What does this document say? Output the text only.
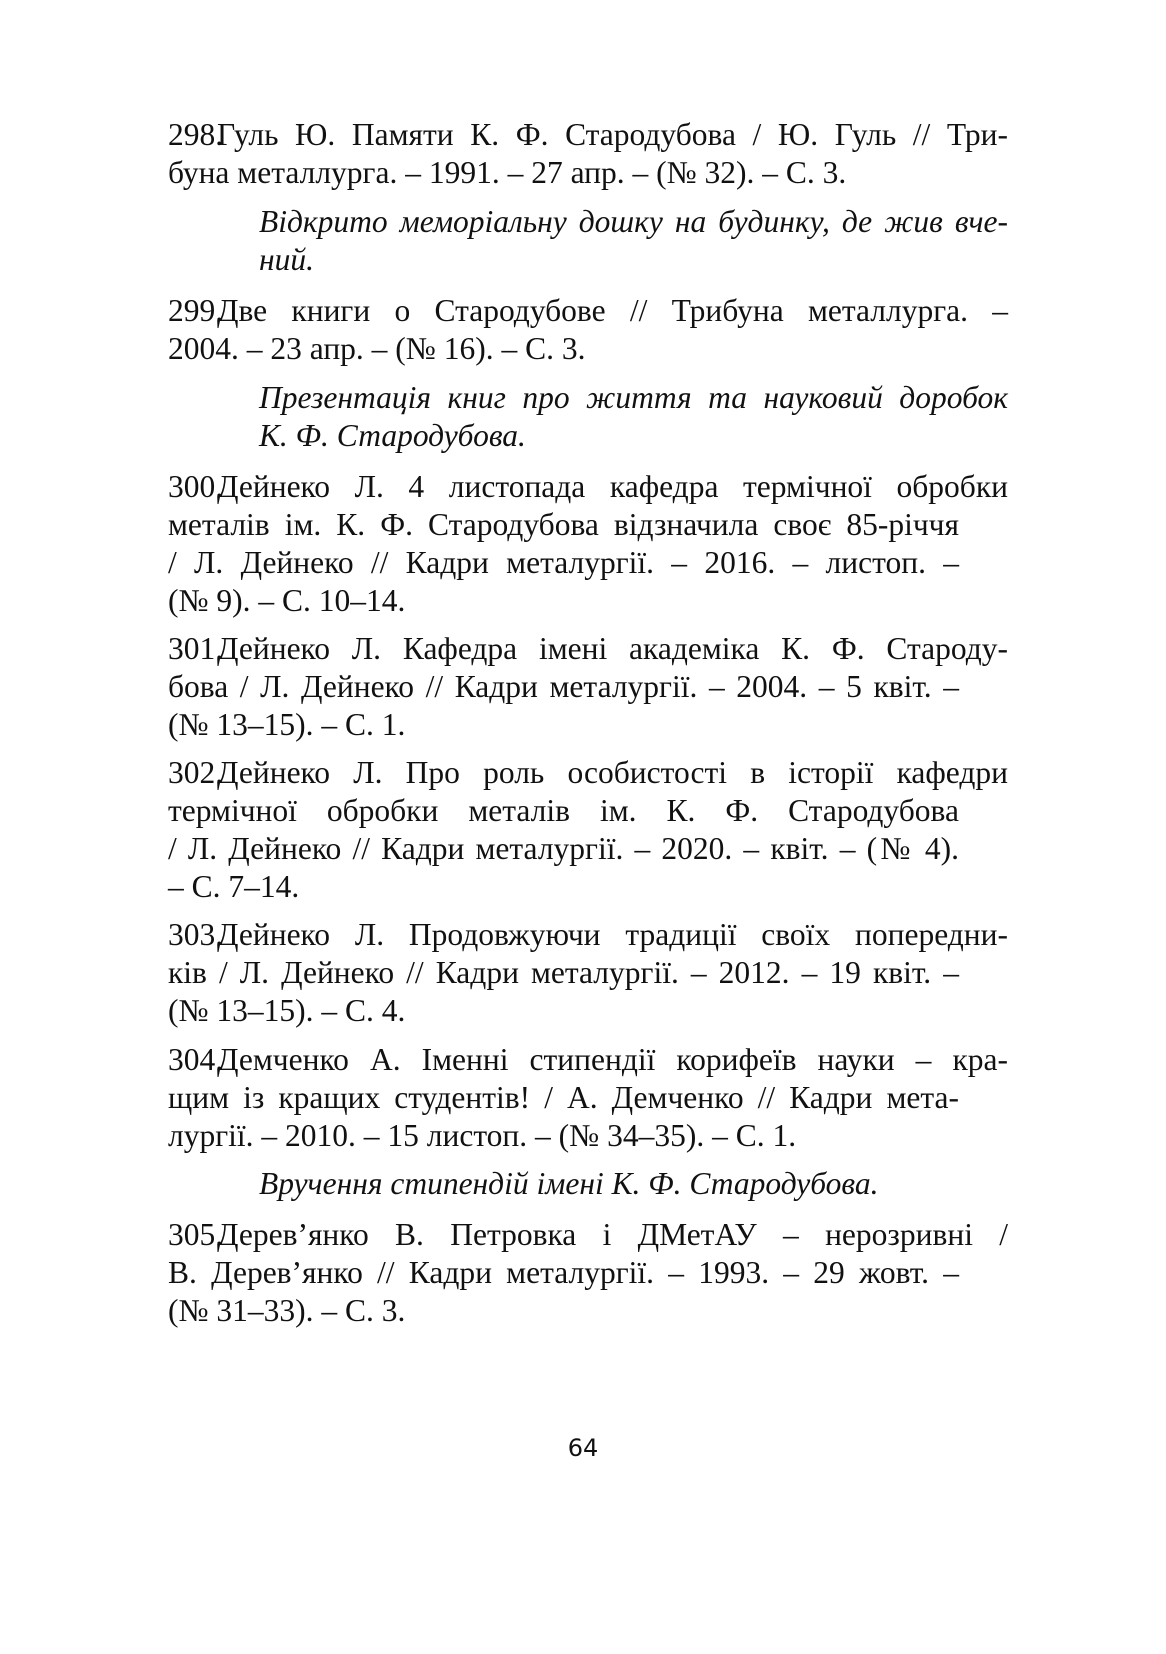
298.
Гуль Ю. Памяти К. Ф. Стародубова / Ю. Гуль // Три-
буна металлурга. – 1991. – 27 апр. – (№ 32). – С. 3.
Відкрито меморіальну дошку на будинку, де жив вче-
ний.
299.
Две книги о Стародубове // Трибуна металлурга. –
2004. – 23 апр. – (№ 16). – С. 3.
Презентація книг про життя та науковий доробок
К. Ф. Стародубова.
300.
Дейнеко Л. 4 листопада кафедра термічної обробки
металів ім. К. Ф. Стародубова відзначила своє 85-річчя
/ Л. Дейнеко // Кадри металургії. – 2016. – листоп. –
(№ 9). – С. 10–14.
301.
Дейнеко Л. Кафедра імені академіка К. Ф. Староду-
бова / Л. Дейнеко // Кадри металургії. – 2004. – 5 квіт. –
(№ 13–15). – С. 1.
302.
Дейнеко Л. Про роль особистості в історії кафедри
термічної обробки металів ім. К. Ф. Стародубова
/ Л. Дейнеко // Кадри металургії. – 2020. – квіт. – (№ 4).
– С. 7–14.
303.
Дейнеко Л. Продовжуючи традиції своїх попередни-
ків / Л. Дейнеко // Кадри металургії. – 2012. – 19 квіт. –
(№ 13–15). – С. 4.
304.
Демченко А. Іменні стипендії корифеїв науки – кра-
щим із кращих студентів! / А. Демченко // Кадри мета-
лургії. – 2010. – 15 листоп. – (№ 34–35). – С. 1.
Вручення стипендій імені К. Ф. Стародубова.
305.
Дерев’янко В. Петровка і ДМетАУ – нерозривні /
В. Дерев’янко // Кадри металургії. – 1993. – 29 жовт. –
(№ 31–33). – С. 3.
64
